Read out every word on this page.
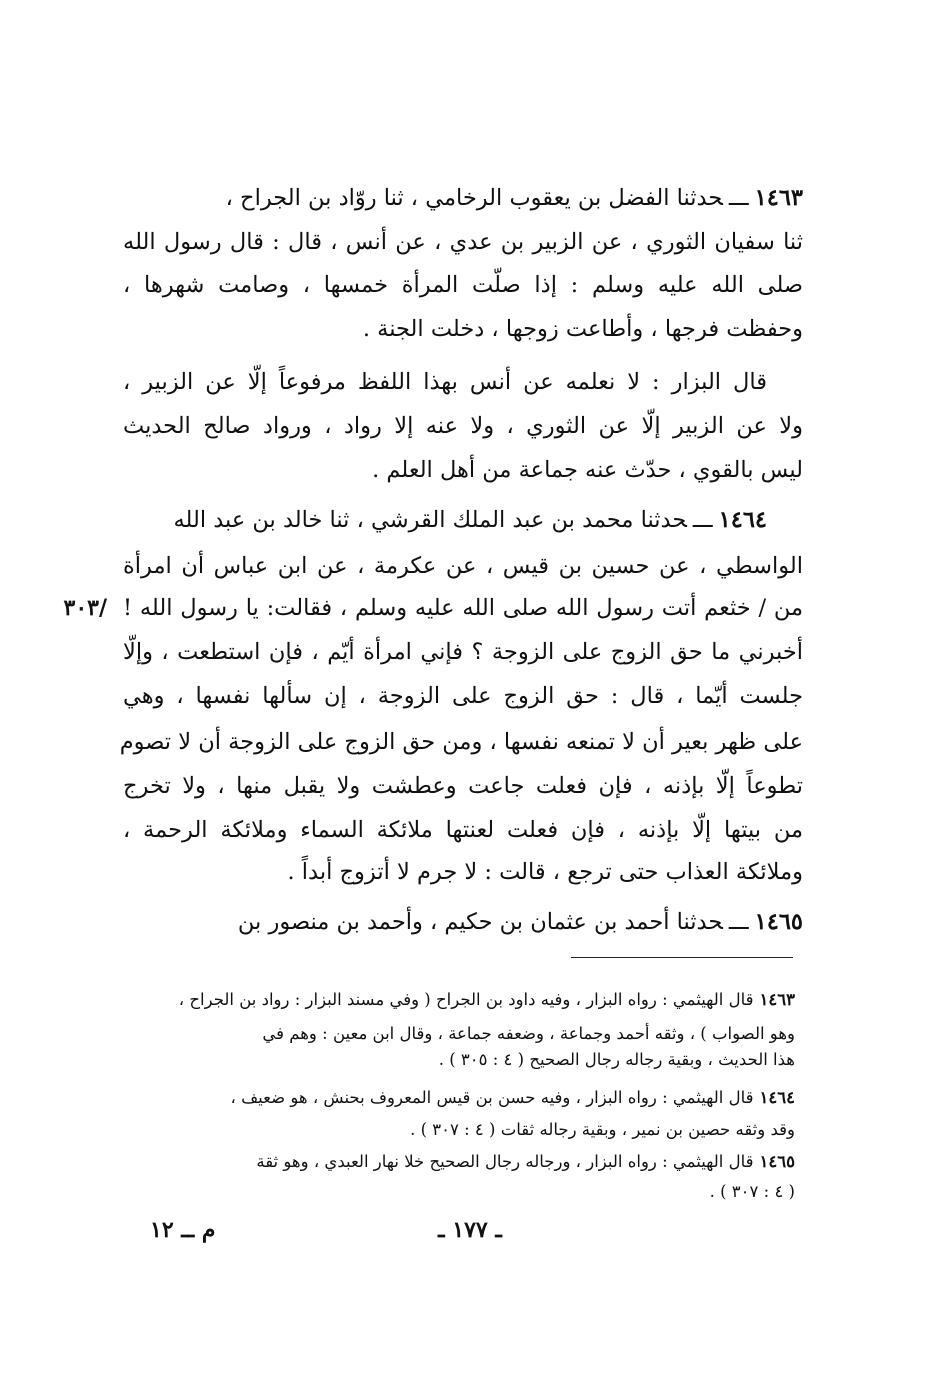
١٤٦٣ـــحدثنا الفضل بن يعقوب الرخامي ، ثنا روّاد بن الجراح ،
ثنا سفيان الثوري ، عن الزبير بن عدي ، عن أنس ، قال : قال رسول الله
صلى الله عليه وسلم : إذا صلّت المرأة خمسها ، وصامت شهرها ،
وحفظت فرجها ، وأطاعت زوجها ، دخلت الجنة .
قال البزار : لا نعلمه عن أنس بهذا اللفظ مرفوعاً إلّا عن الزبير ،
ولا عن الزبير إلّا عن الثوري ، ولا عنه إلا رواد ، ورواد صالح الحديث
ليس بالقوي ، حدّث عنه جماعة من أهل العلم .
١٤٦٤ـــحدثنا محمد بن عبد الملك القرشي ، ثنا خالد بن عبد الله
الواسطي ، عن حسين بن قيس ، عن عكرمة ، عن ابن عباس أن امرأة
من / خثعم أتت رسول الله صلى الله عليه وسلم ، فقالت: يا رسول الله !
أخبرني ما حق الزوج على الزوجة ؟ فإني امرأة أيّم ، فإن استطعت ، وإلّا
جلست أيّما ، قال : حق الزوج على الزوجة ، إن سألها نفسها ، وهي
على ظهر بعير أن لا تمنعه نفسها ، ومن حق الزوج على الزوجة أن لا تصوم
تطوعاً إلّا بإذنه ، فإن فعلت جاعت وعطشت ولا يقبل منها ، ولا تخرج
من بيتها إلّا بإذنه ، فإن فعلت لعنتها ملائكة السماء وملائكة الرحمة ،
وملائكة العذاب حتى ترجع ، قالت : لا جرم لا أتزوج أبداً .
/٣٠٣
١٤٦٥ـــحدثنا أحمد بن عثمان بن حكيم ، وأحمد بن منصور بن
١٤٦٣قال الهيثمي : رواه البزار ، وفيه داود بن الجراح ( وفي مسند البزار : رواد بن الجراح ،
وهو الصواب ) ، وثقه أحمد وجماعة ، وضعفه جماعة ، وقال ابن معين : وهم في
هذا الحديث ، وبقية رجاله رجال الصحيح ( ٤ : ٣٠٥ ) .
١٤٦٤قال الهيثمي : رواه البزار ، وفيه حسن بن قيس المعروف بحنش ، هو ضعيف ،
وقد وثقه حصين بن نمير ، وبقية رجاله ثقات ( ٤ : ٣٠٧ ) .
١٤٦٥قال الهيثمي : رواه البزار ، ورجاله رجال الصحيح خلا نهار العبدي ، وهو ثقة
( ٤ : ٣٠٧ ) .
ـ ١٧٧ ـ
م ــ ١٢
